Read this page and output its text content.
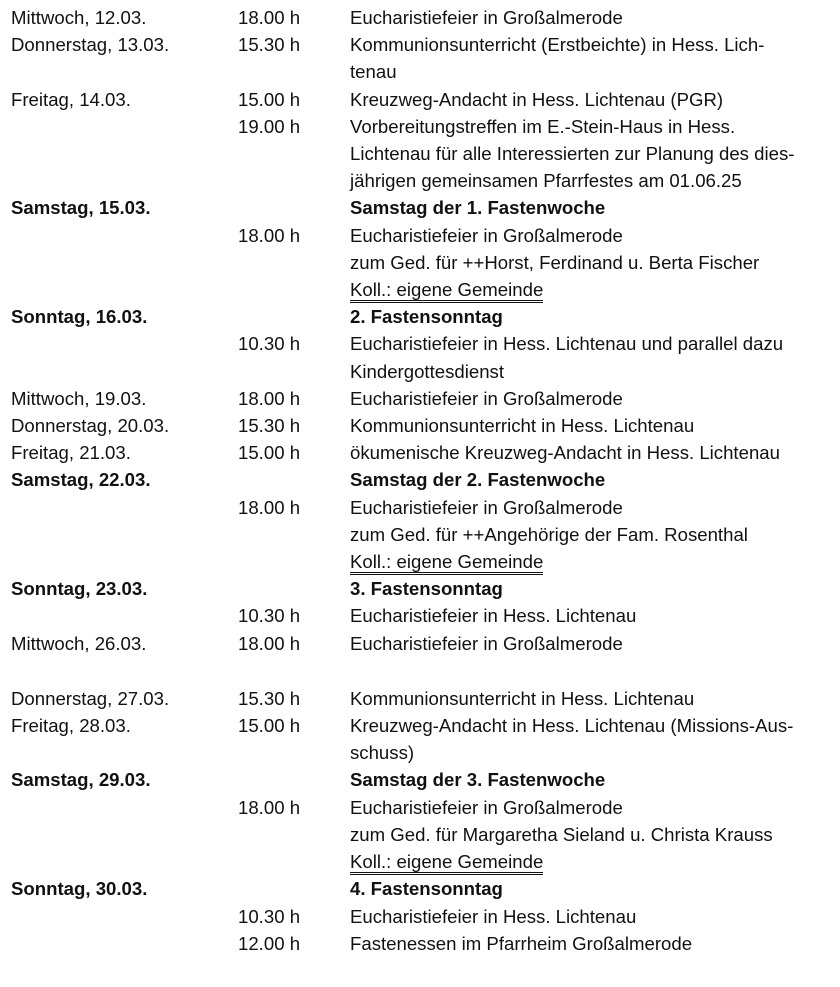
Mittwoch, 12.03.	18.00 h	Eucharistiefeier in Großalmerode
Donnerstag, 13.03.	15.30 h	Kommunionsunterricht (Erstbeichte) in Hess. Lich-
tenau
Freitag, 14.03.	15.00 h	Kreuzweg-Andacht in Hess. Lichtenau (PGR)
19.00 h	Vorbereitungstreffen im E.-Stein-Haus in Hess.
Lichtenau für alle Interessierten zur Planung des dies-
jährigen gemeinsamen Pfarrfestes am 01.06.25
Samstag, 15.03.	Samstag der 1. Fastenwoche
18.00 h	Eucharistiefeier in Großalmerode
zum Ged. für ++Horst, Ferdinand u. Berta Fischer
Koll.: eigene Gemeinde
Sonntag, 16.03.	2. Fastensonntag
10.30 h	Eucharistiefeier in Hess. Lichtenau und parallel dazu
Kindergottesdienst
Mittwoch, 19.03.	18.00 h	Eucharistiefeier in Großalmerode
Donnerstag, 20.03.	15.30 h	Kommunionsunterricht in Hess. Lichtenau
Freitag, 21.03.	15.00 h	ökumenische Kreuzweg-Andacht in Hess. Lichtenau
Samstag, 22.03.	Samstag der 2. Fastenwoche
18.00 h	Eucharistiefeier in Großalmerode
zum Ged. für ++Angehörige der Fam. Rosenthal
Koll.: eigene Gemeinde
Sonntag, 23.03.	3. Fastensonntag
10.30 h	Eucharistiefeier in Hess. Lichtenau
Mittwoch, 26.03.	18.00 h	Eucharistiefeier in Großalmerode
Donnerstag, 27.03.	15.30 h	Kommunionsunterricht in Hess. Lichtenau
Freitag, 28.03.	15.00 h	Kreuzweg-Andacht in Hess. Lichtenau (Missions-Aus-
schuss)
Samstag, 29.03.	Samstag der 3. Fastenwoche
18.00 h	Eucharistiefeier in Großalmerode
zum Ged. für Margaretha Sieland u. Christa Krauss
Koll.: eigene Gemeinde
Sonntag, 30.03.	4. Fastensonntag
10.30 h	Eucharistiefeier in Hess. Lichtenau
12.00 h	Fastenessen im Pfarrheim Großalmerode
